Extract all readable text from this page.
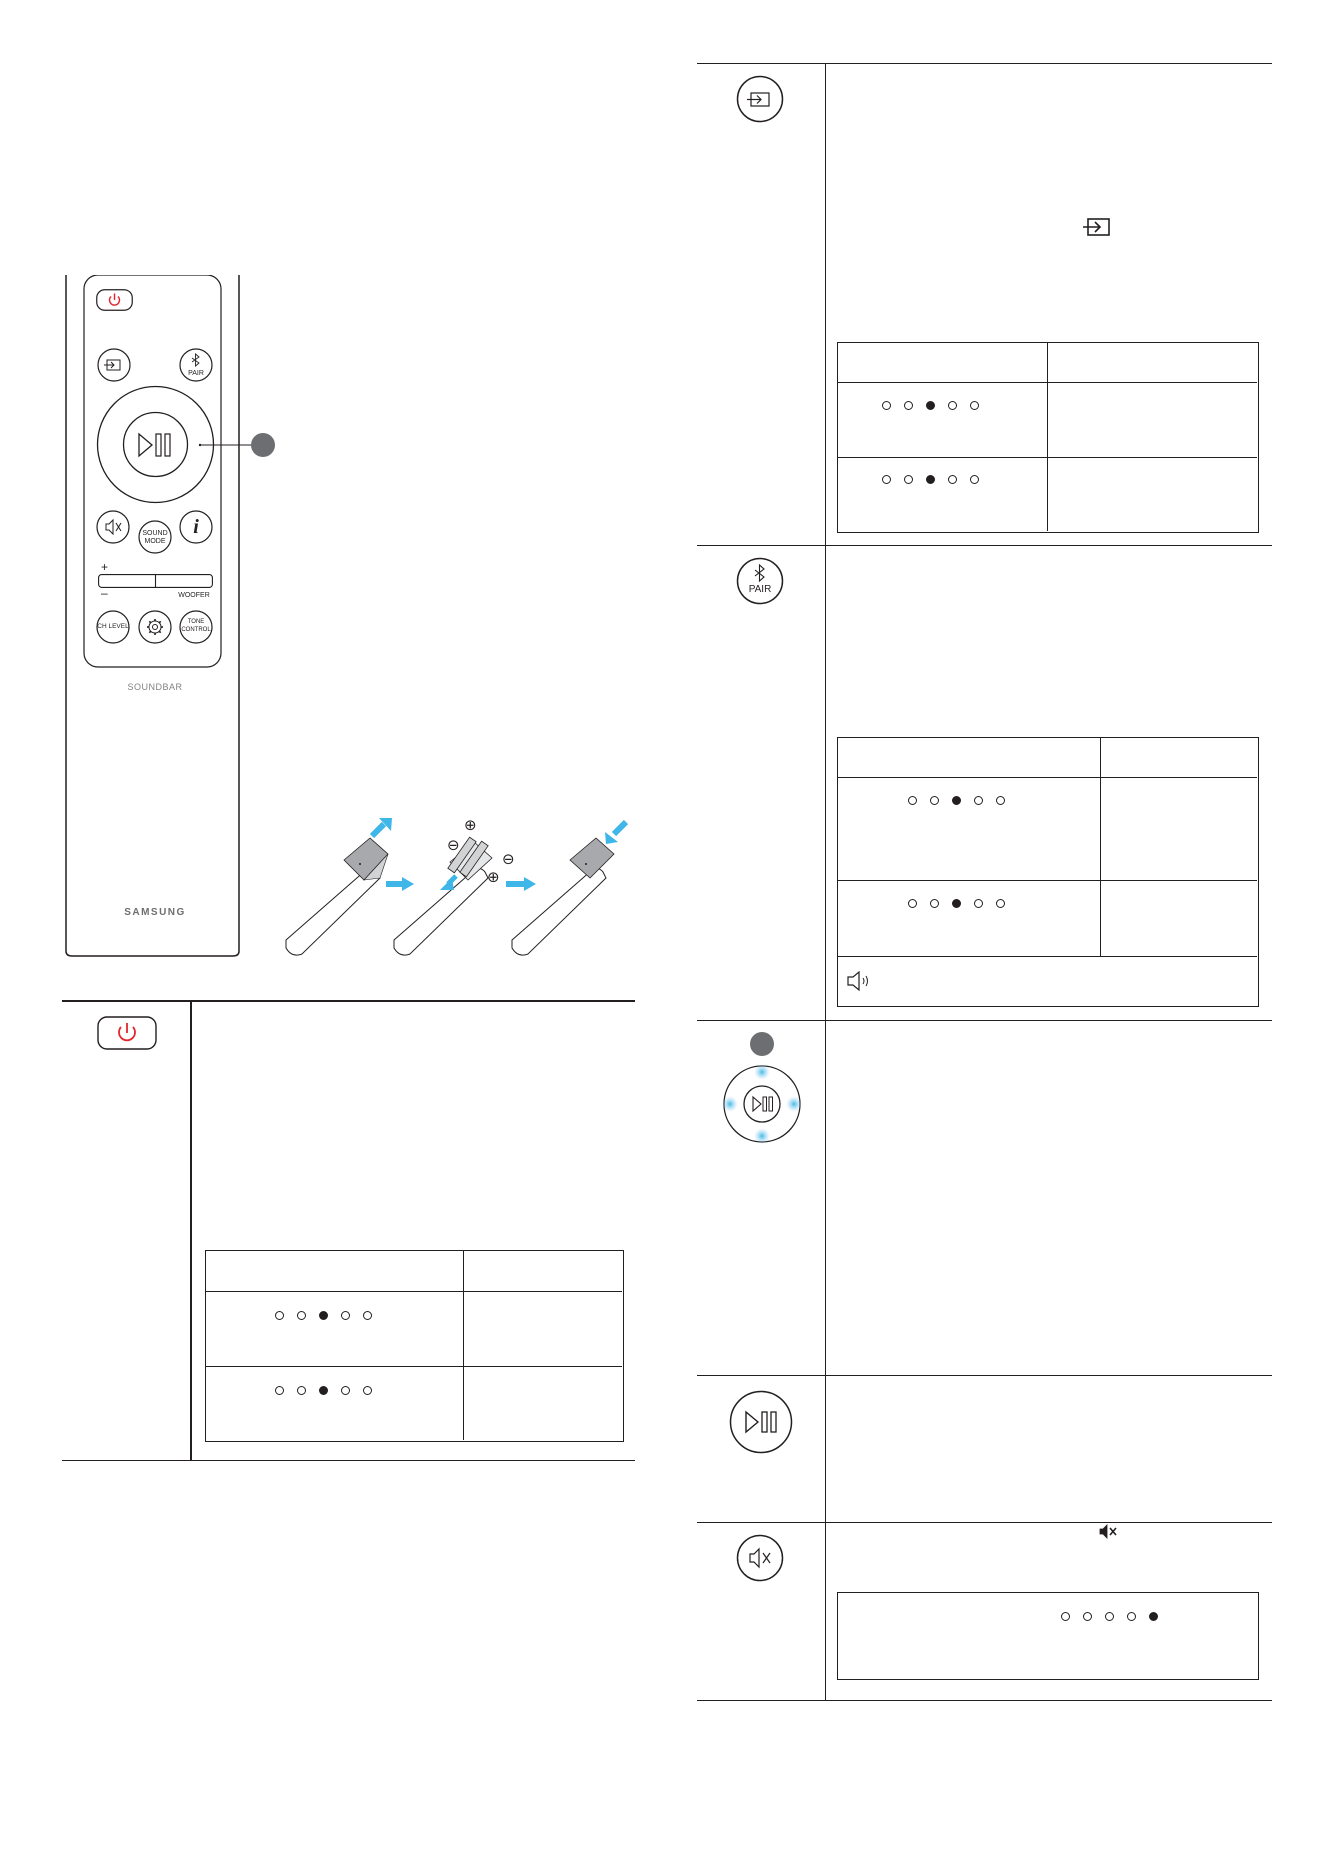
PAIR
SOUND
MODE
i
+
–	WOOFER
CH LEVEL
TONE
CONTROL
SOUNDBAR
SAMSUNG
⊕
⊖
⊖
⊕
PAIR
